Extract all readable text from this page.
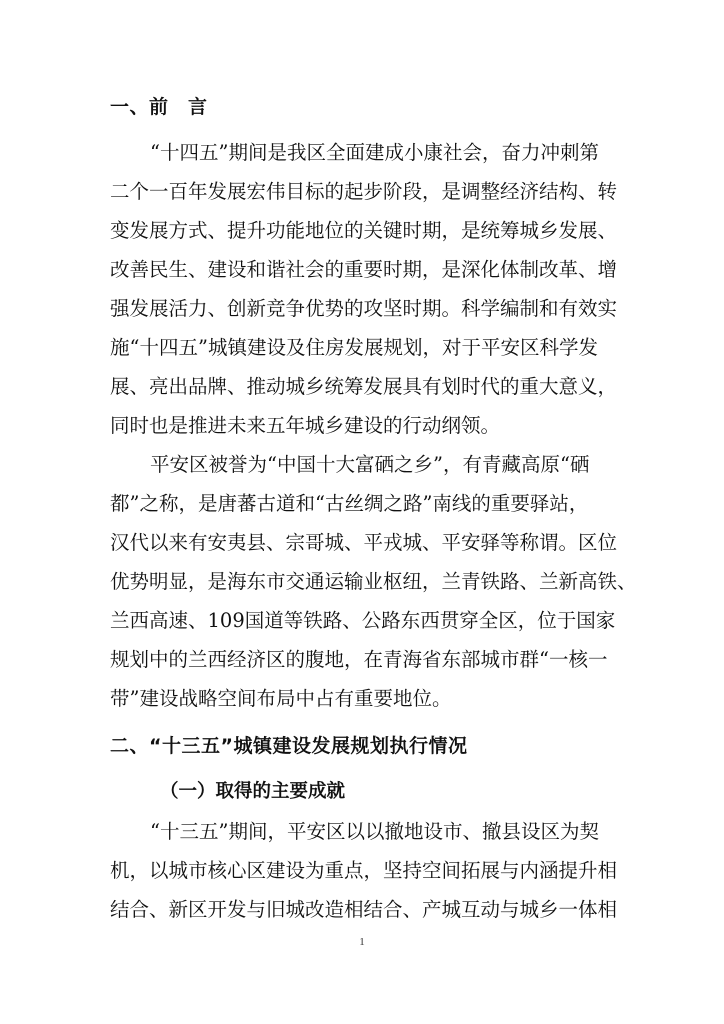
一、前　言
“十四五”期间是我区全面建成小康社会，奋力冲刺第
二个一百年发展宏伟目标的起步阶段，是调整经济结构、转
变发展方式、提升功能地位的关键时期，是统筹城乡发展、
改善民生、建设和谐社会的重要时期，是深化体制改革、增
强发展活力、创新竞争优势的攻坚时期。科学编制和有效实
施“十四五”城镇建设及住房发展规划，对于平安区科学发
展、亮出品牌、推动城乡统筹发展具有划时代的重大意义，
同时也是推进未来五年城乡建设的行动纲领。
平安区被誉为“中国十大富硒之乡”，有青藏高原“硒
都”之称，是唐蕃古道和“古丝绸之路”南线的重要驿站，
汉代以来有安夷县、宗哥城、平戎城、平安驿等称谓。区位
优势明显，是海东市交通运输业枢纽，兰青铁路、兰新高铁、
兰西高速、109国道等铁路、公路东西贯穿全区，位于国家
规划中的兰西经济区的腹地，在青海省东部城市群“一核一
带”建设战略空间布局中占有重要地位。
二、“十三五”城镇建设发展规划执行情况
（一）取得的主要成就
“十三五”期间，平安区以以撤地设市、撤县设区为契
机，以城市核心区建设为重点，坚持空间拓展与内涵提升相
结合、新区开发与旧城改造相结合、产城互动与城乡一体相
1
